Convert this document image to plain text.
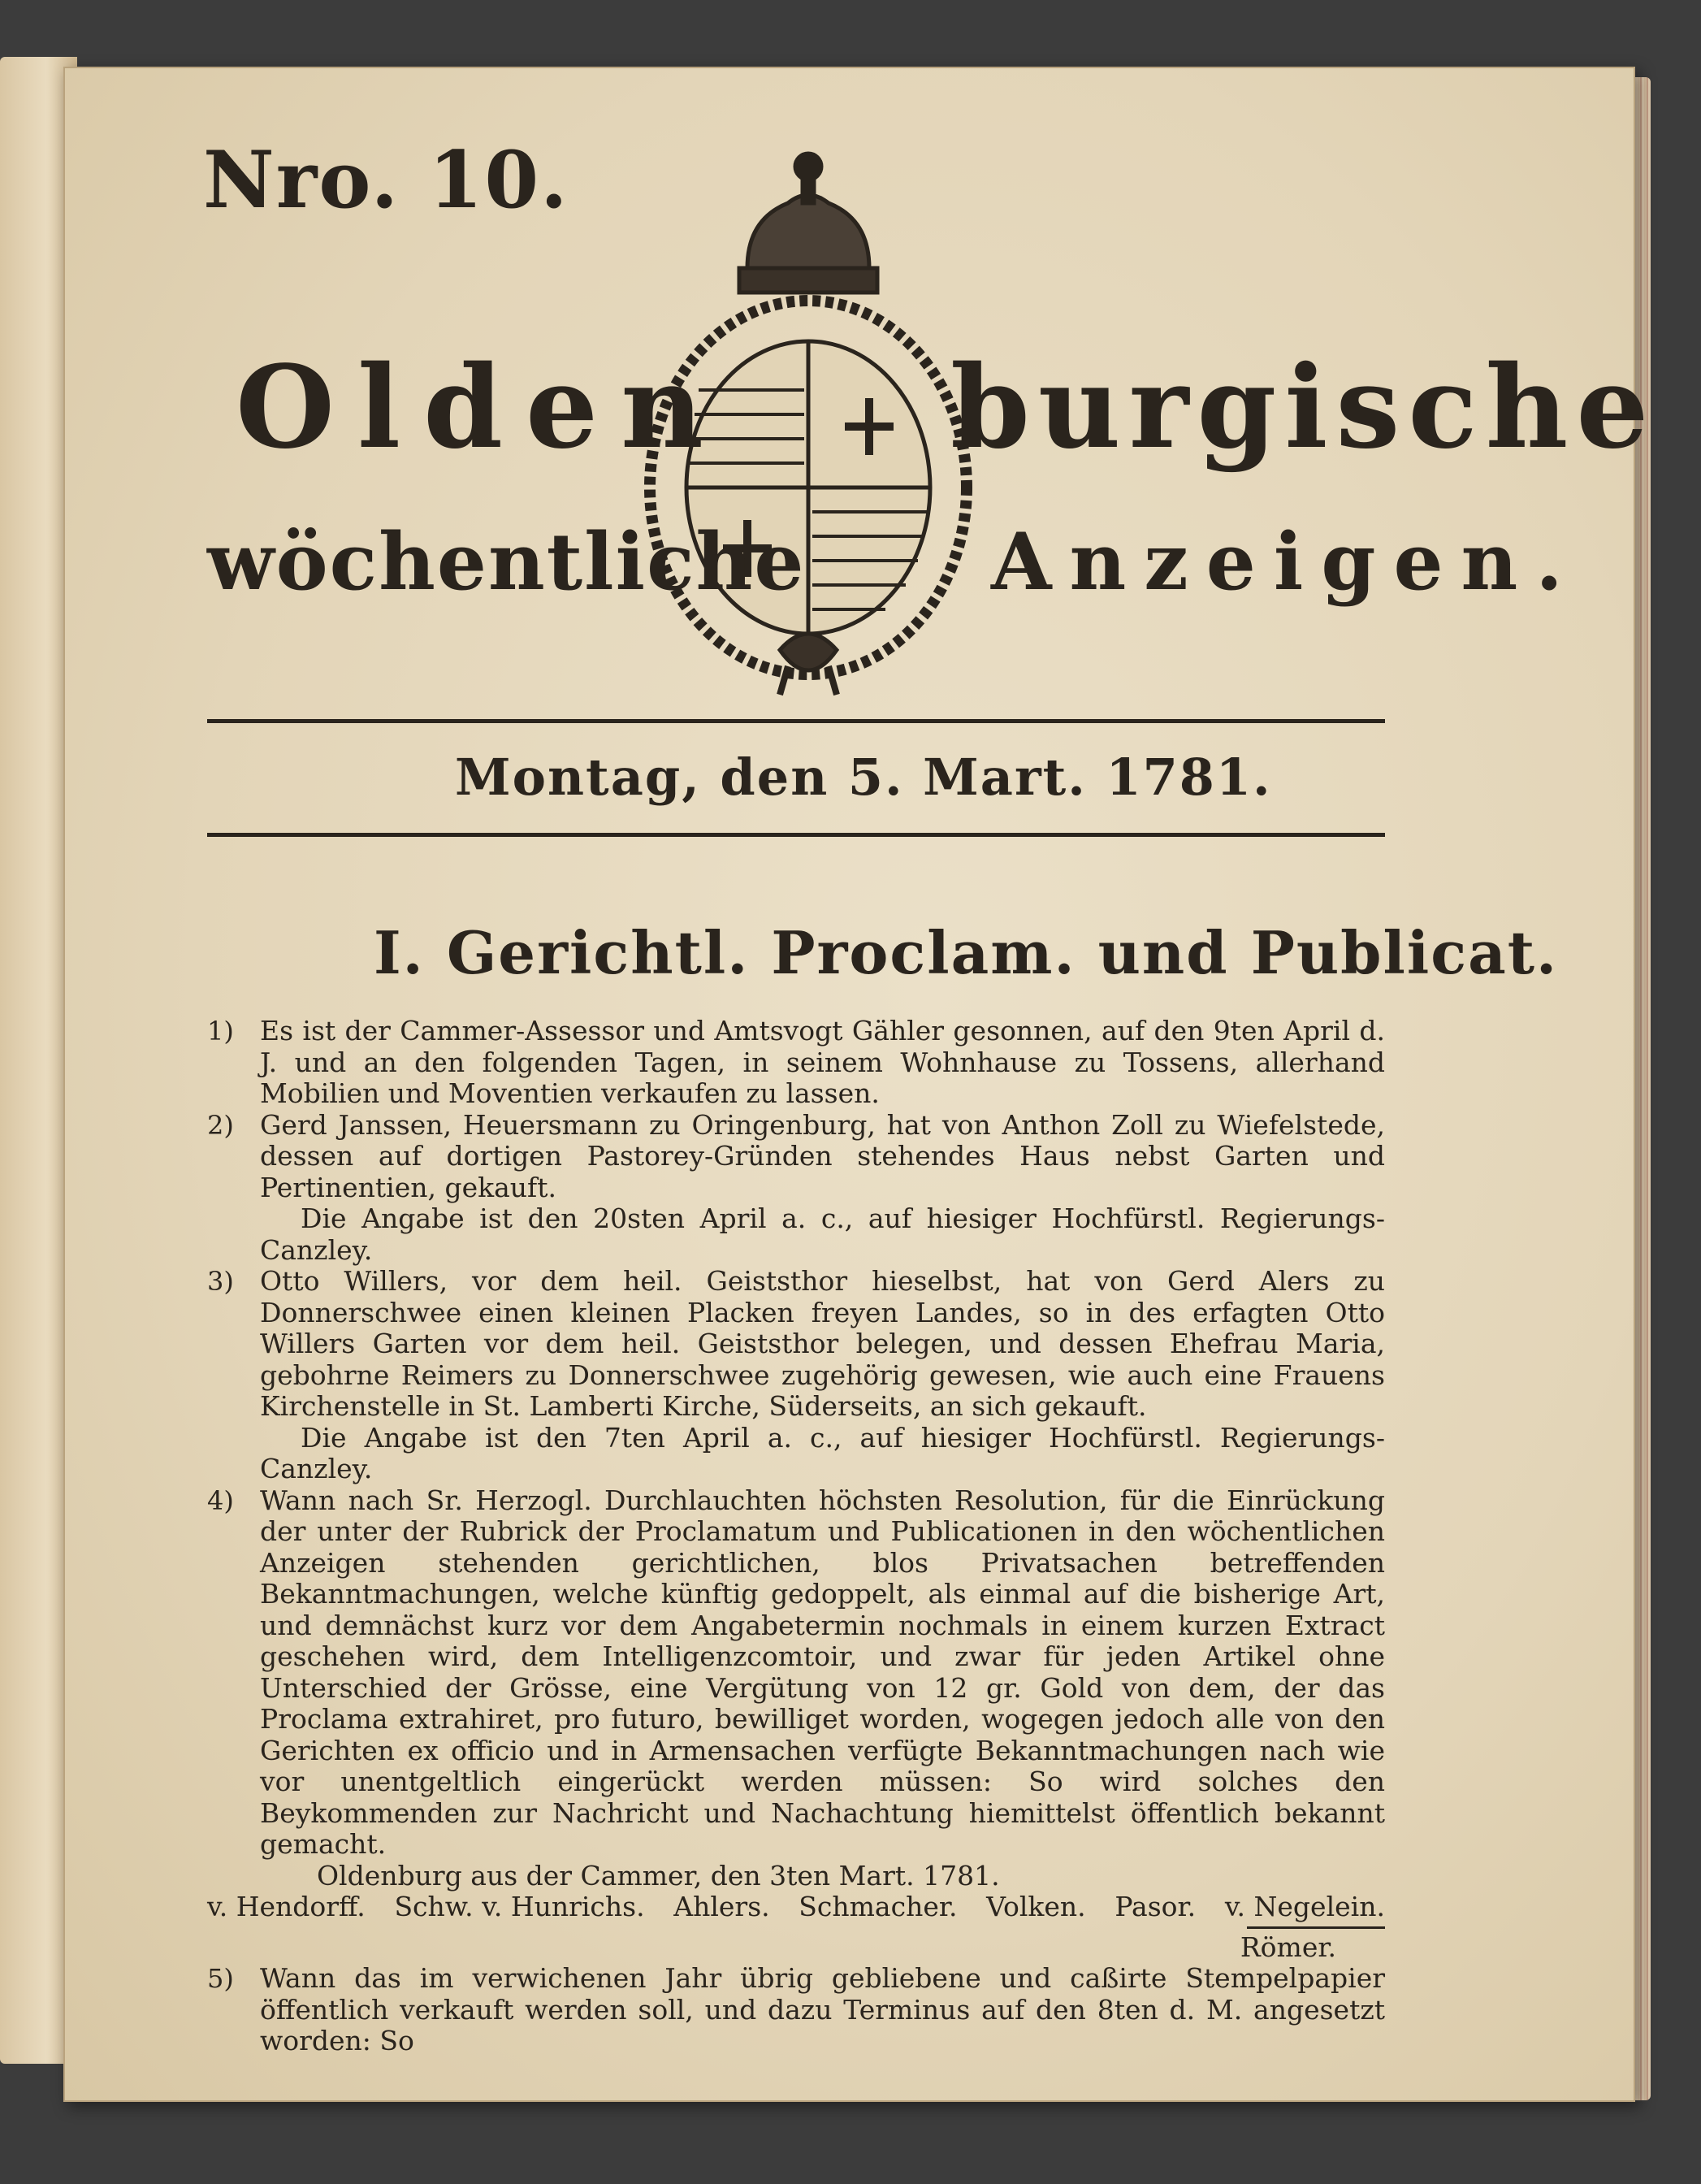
Nro. 10.
Olden burgische
wöchentliche Anzeigen.
Montag, den 5. Mart. 1781.
I. Gerichtl. Proclam. und Publicat.
1) Es ist der Cammer-Assessor und Amtsvogt Gähler gesonnen, auf den 9ten April d. J. und an den folgenden Tagen, in seinem Wohnhause zu Tossens, allerhand Mobilien und Moventien verkaufen zu lassen.
2) Gerd Janssen, Heuersmann zu Oringenburg, hat von Anthon Zoll zu Wiefelstede, dessen auf dortigen Pastorey-Gründen stehendes Haus nebst Garten und Pertinentien, gekauft.
Die Angabe ist den 20sten April a. c., auf hiesiger Hochfürstl. Regierungs-Canzley.
3) Otto Willers, vor dem heil. Geiststhor hieselbst, hat von Gerd Alers zu Donnerschwee einen kleinen Placken freyen Landes, so in des erfagten Otto Willers Garten vor dem heil. Geiststhor belegen, und dessen Ehefrau Maria, gebohrne Reimers zu Donnerschwee zugehörig gewesen, wie auch eine Frauens Kirchenstelle in St. Lamberti Kirche, Süderseits, an sich gekauft.
Die Angabe ist den 7ten April a. c., auf hiesiger Hochfürstl. Regierungs-Canzley.
4) Wann nach Sr. Herzogl. Durchlauchten höchsten Resolution, für die Einrückung der unter der Rubrick der Proclamatum und Publicationen in den wöchentlichen Anzeigen stehenden gerichtlichen, blos Privatsachen betreffenden Bekanntmachungen, welche künftig gedoppelt, als einmal auf die bisherige Art, und demnächst kurz vor dem Angabetermin nochmals in einem kurzen Extract geschehen wird, dem Intelligenzcomtoir, und zwar für jeden Artikel ohne Unterschied der Grösse, eine Vergütung von 12 gr. Gold von dem, der das Proclama extrahiret, pro futuro, bewilliget worden, wogegen jedoch alle von den Gerichten ex officio und in Armensachen verfügte Bekanntmachungen nach wie vor unentgeltlich eingerückt werden müssen: So wird solches den Beykommenden zur Nachricht und Nachachtung hiemittelst öffentlich bekannt gemacht.
Oldenburg aus der Cammer, den 3ten Mart. 1781.
v. Hendorff. Schw. v. Hunrichs. Ahlers. Schmacher. Volken. Pasor. v. Negelein.
Römer.
5) Wann das im verwichenen Jahr übrig gebliebene und caßirte Stempelpapier öffentlich verkauft werden soll, und dazu Terminus auf den 8ten d. M. angesetzt worden: So
